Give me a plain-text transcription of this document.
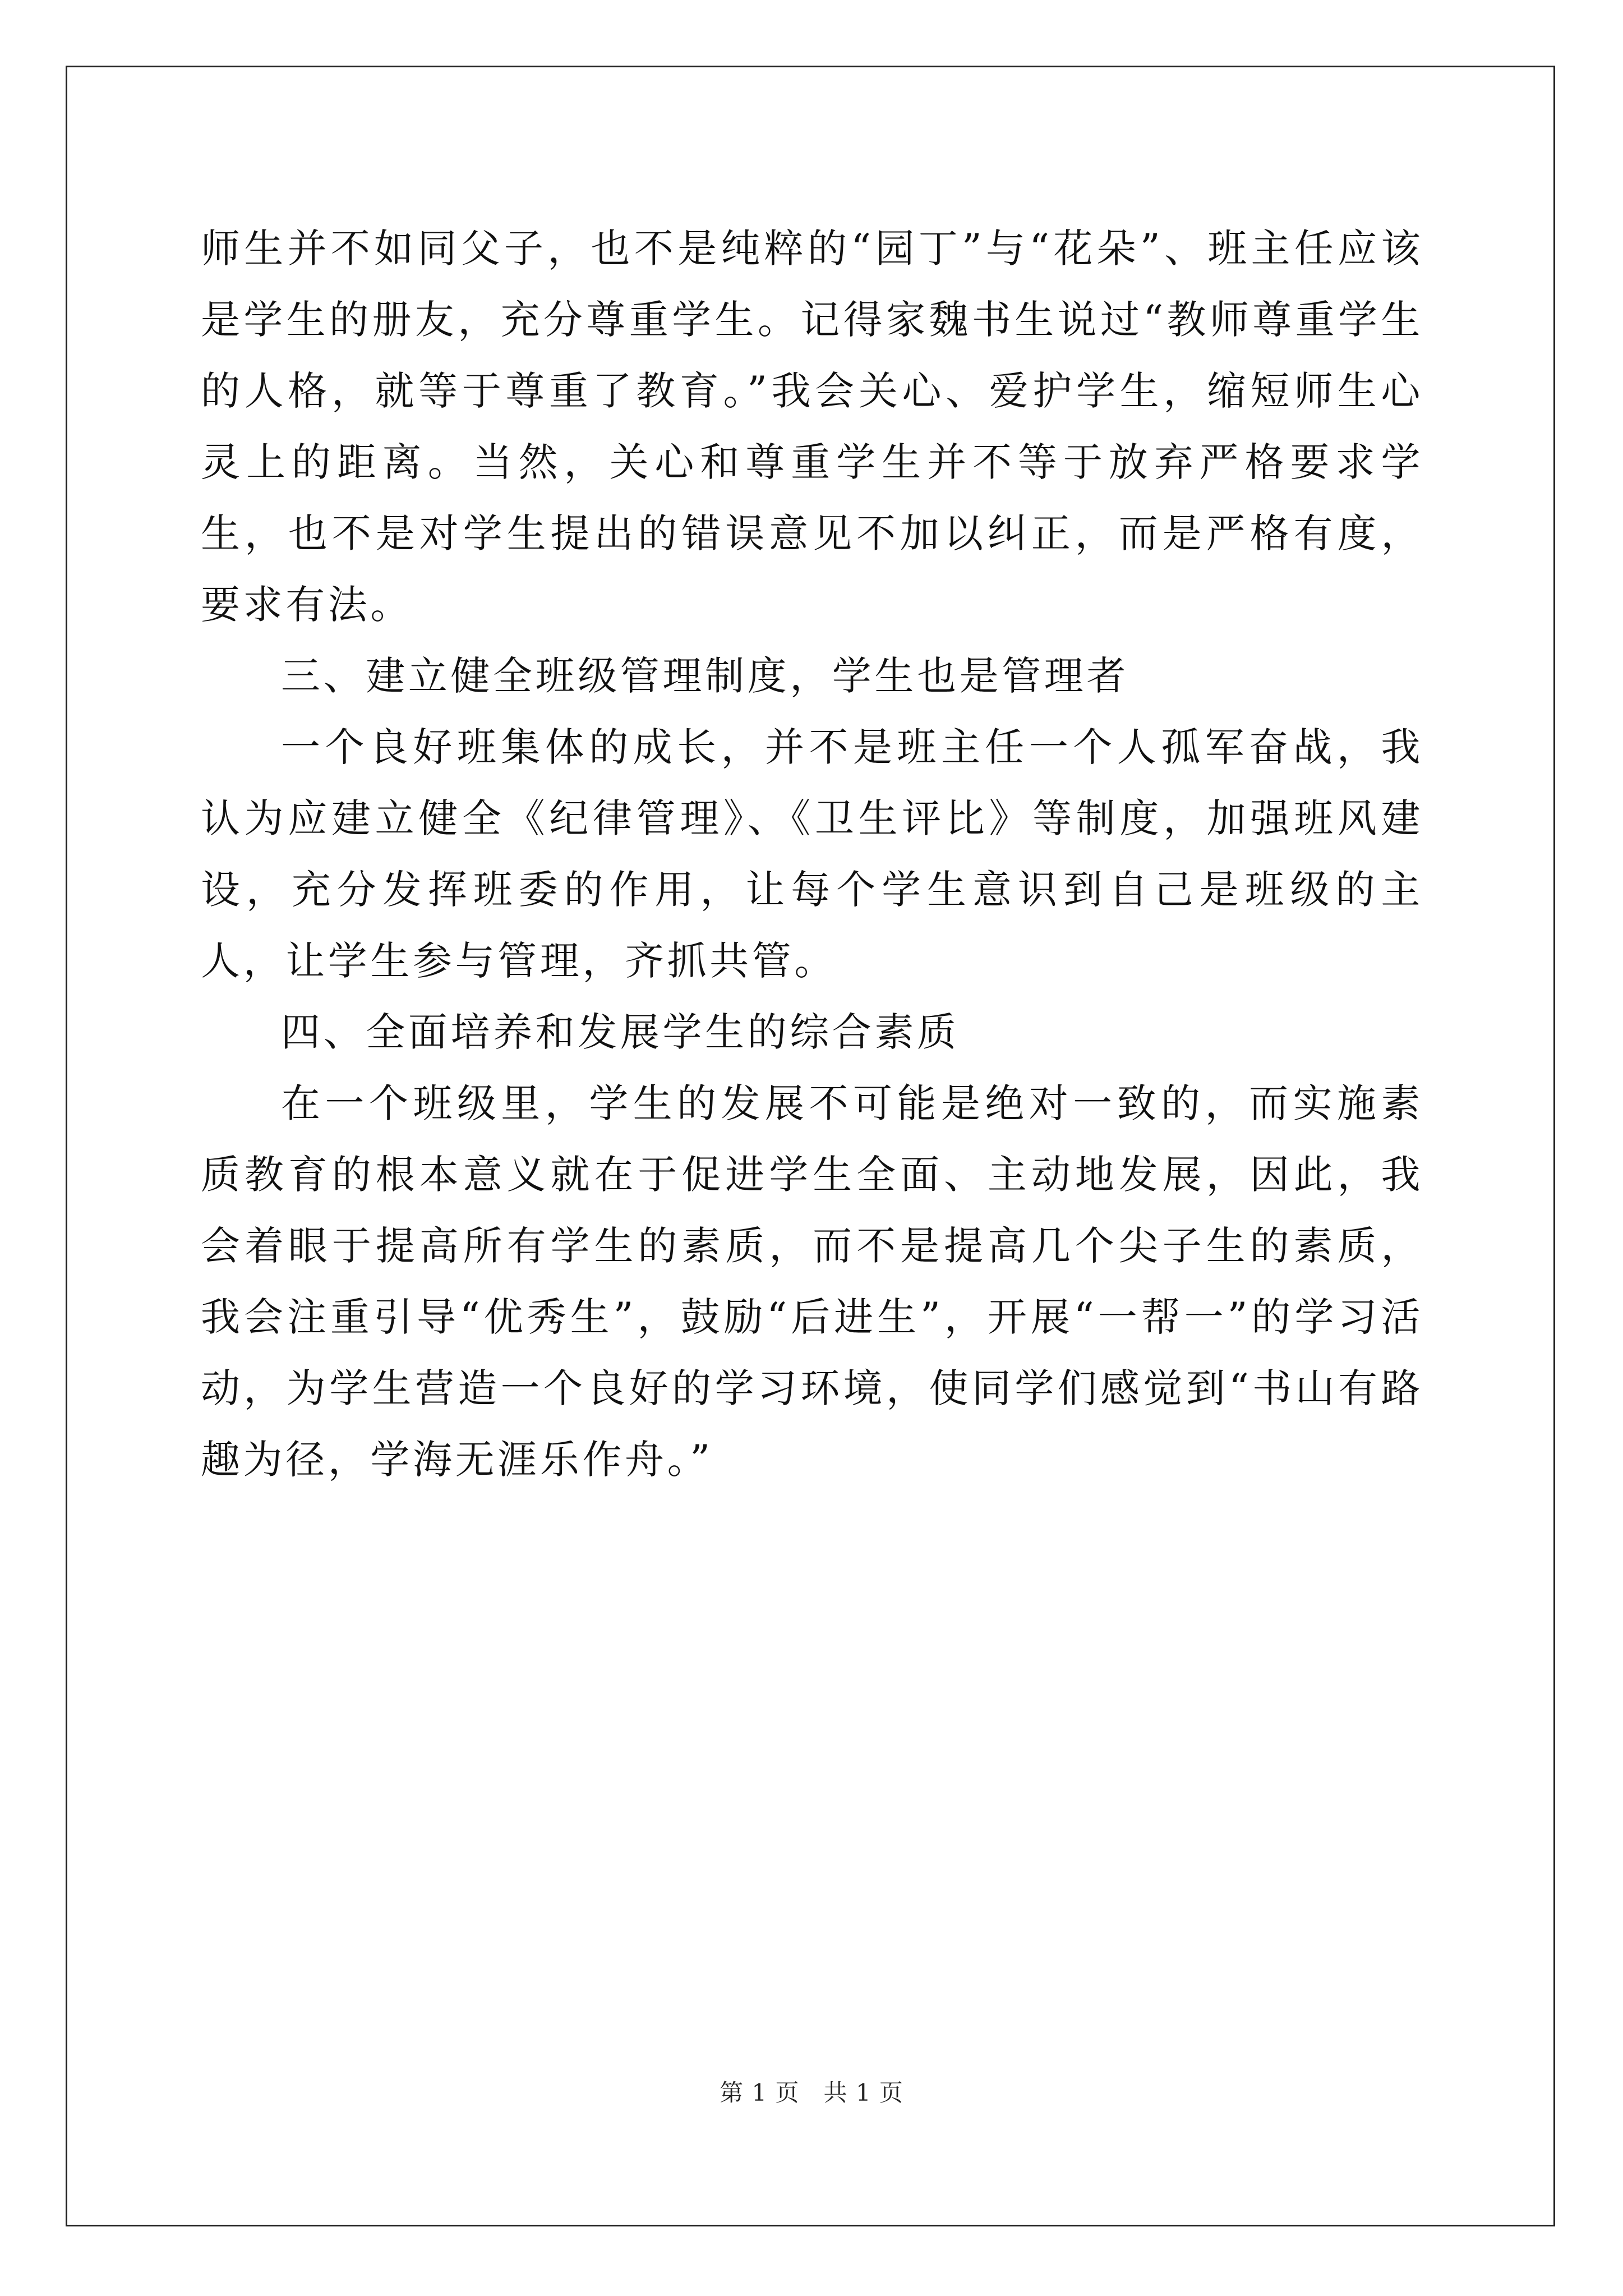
师生并不如同父子，也不是纯粹的“园丁”与“花朵”、班主任应该是学生的册友，充分尊重学生。记得家魏书生说过“教师尊重学生的人格，就等于尊重了教育。”我会关心、爱护学生，缩短师生心灵上的距离。当然，关心和尊重学生并不等于放弃严格要求学生，也不是对学生提出的错误意见不加以纠正，而是严格有度，要求有法。

三、建立健全班级管理制度，学生也是管理者

一个良好班集体的成长，并不是班主任一个人孤军奋战，我认为应建立健全《纪律管理》、《卫生评比》等制度，加强班风建设，充分发挥班委的作用，让每个学生意识到自己是班级的主人，让学生参与管理，齐抓共管。

四、全面培养和发展学生的综合素质

在一个班级里，学生的发展不可能是绝对一致的，而实施素质教育的根本意义就在于促进学生全面、主动地发展，因此，我会着眼于提高所有学生的素质，而不是提高几个尖子生的素质，我会注重引导“优秀生”，鼓励“后进生”，开展“一帮一”的学习活动，为学生营造一个良好的学习环境，使同学们感觉到“书山有路趣为径，学海无涯乐作舟。”

第 1 页　共 1 页
